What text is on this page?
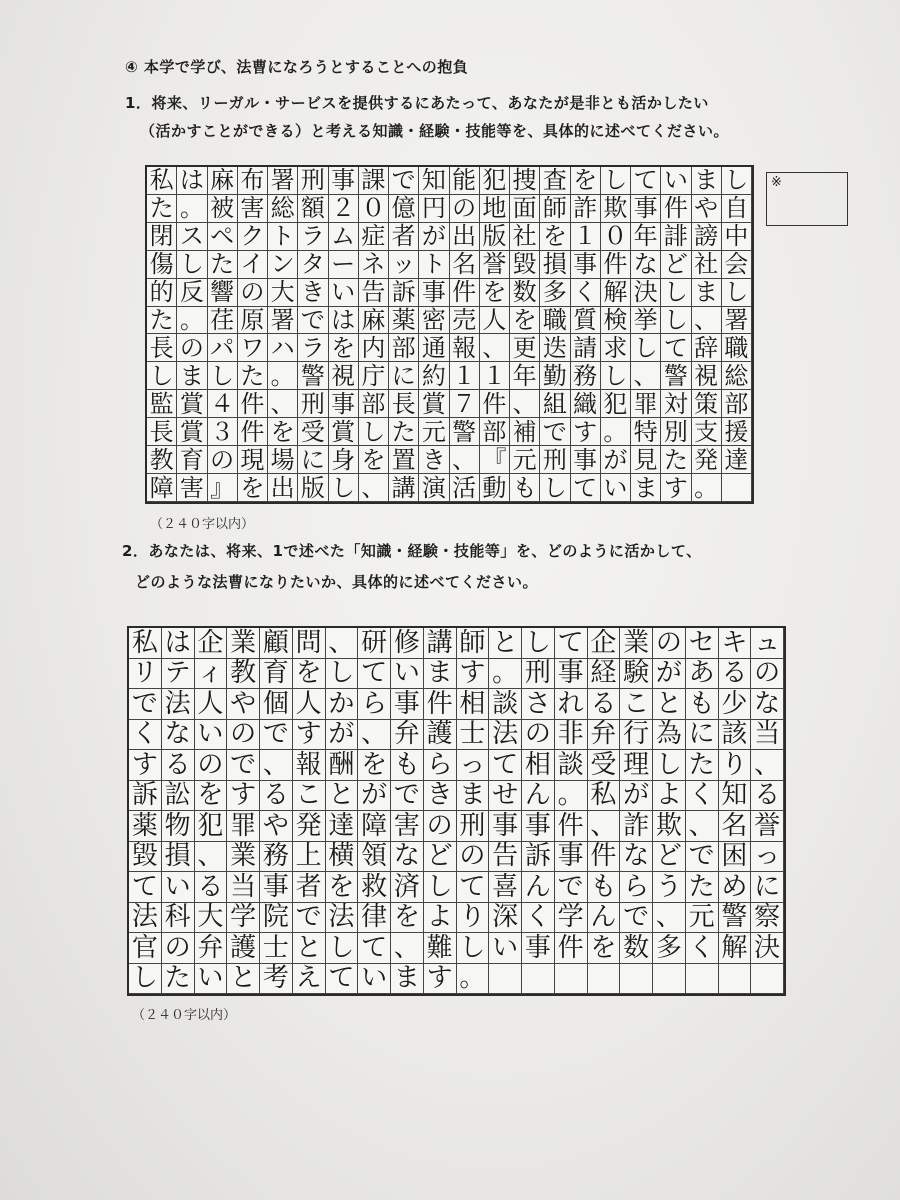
④ 本学で学び、法曹になろうとすることへの抱負
1．将来、リーガル・サービスを提供するにあたって、あなたが是非とも活かしたい
（活かすことができる）と考える知識・経験・技能等を、具体的に述べてください。
※
私 は 麻 布 署 刑 事 課 で 知 能 犯 捜 査 を し て い ま し
た 。 被 害 総 額 ２ ０ 億 円 の 地 面 師 詐 欺 事 件 や 自
閉 ス ペ ク ト ラ ム 症 者 が 出 版 社 を １ ０ 年 誹 謗 中
傷 し た イ ン タ ー ネ ッ ト 名 誉 毀 損 事 件 な ど 社 会
的 反 響 の 大 き い 告 訴 事 件 を 数 多 く 解 決 し ま し
た 。 荏 原 署 で は 麻 薬 密 売 人 を 職 質 検 挙 し 、 署
長 の パ ワ ハ ラ を 内 部 通 報 、 更 迭 請 求 し て 辞 職
し ま し た 。 警 視 庁 に 約 １ １ 年 勤 務 し 、 警 視 総
監 賞 ４ 件 、 刑 事 部 長 賞 ７ 件 、 組 織 犯 罪 対 策 部
長 賞 ３ 件 を 受 賞 し た 元 警 部 補 で す 。 特 別 支 援
教 育 の 現 場 に 身 を 置 き 、 『 元 刑 事 が 見 た 発 達
障 害 』 を 出 版 し 、 講 演 活 動 も し て い ま す 。
（２４０字以内）
2．あなたは、将来、1で述べた「知識・経験・技能等」を、どのように活かして、
どのような法曹になりたいか、具体的に述べてください。
私 は 企 業 顧 問 、 研 修 講 師 と し て 企 業 の セ キ ュ
リ テ ィ 教 育 を し て い ま す 。 刑 事 経 験 が あ る の
で 法 人 や 個 人 か ら 事 件 相 談 さ れ る こ と も 少 な
く な い の で す が 、 弁 護 士 法 の 非 弁 行 為 に 該 当
す る の で 、 報 酬 を も ら っ て 相 談 受 理 し た り 、
訴 訟 を す る こ と が で き ま せ ん 。 私 が よ く 知 る
薬 物 犯 罪 や 発 達 障 害 の 刑 事 事 件 、 詐 欺 、 名 誉
毀 損 、 業 務 上 横 領 な ど の 告 訴 事 件 な ど で 困 っ
て い る 当 事 者 を 救 済 し て 喜 ん で も ら う た め に
法 科 大 学 院 で 法 律 を よ り 深 く 学 ん で 、 元 警 察
官 の 弁 護 士 と し て 、 難 し い 事 件 を 数 多 く 解 決
し た い と 考 え て い ま す 。
（２４０字以内）
